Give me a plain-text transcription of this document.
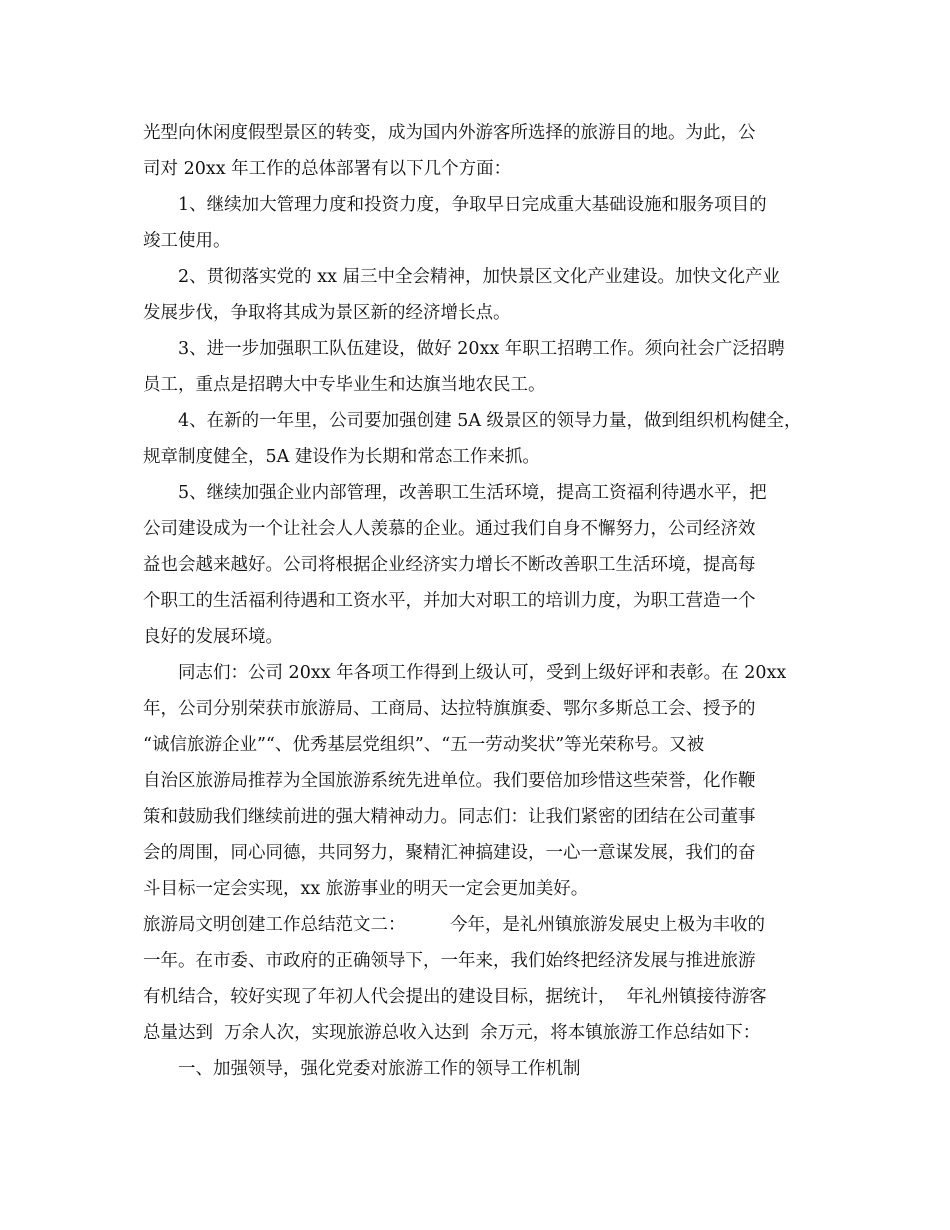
光型向休闲度假型景区的转变，成为国内外游客所选择的旅游目的地。为此，公

司对 20xx 年工作的总体部署有以下几个方面：

1、继续加大管理力度和投资力度，争取早日完成重大基础设施和服务项目的

竣工使用。

2、贯彻落实党的 xx 届三中全会精神，加快景区文化产业建设。加快文化产业

发展步伐，争取将其成为景区新的经济增长点。

3、进一步加强职工队伍建设，做好 20xx 年职工招聘工作。须向社会广泛招聘

员工，重点是招聘大中专毕业生和达旗当地农民工。

4、在新的一年里，公司要加强创建 5A 级景区的领导力量，做到组织机构健全，

规章制度健全，5A 建设作为长期和常态工作来抓。

5、继续加强企业内部管理，改善职工生活环境，提高工资福利待遇水平，把

公司建设成为一个让社会人人羡慕的企业。通过我们自身不懈努力，公司经济效

益也会越来越好。公司将根据企业经济实力增长不断改善职工生活环境，提高每

个职工的生活福利待遇和工资水平，并加大对职工的培训力度，为职工营造一个

良好的发展环境。

同志们：公司 20xx 年各项工作得到上级认可，受到上级好评和表彰。在 20xx

年，公司分别荣获市旅游局、工商局、达拉特旗旗委、鄂尔多斯总工会、授予的

“诚信旅游企业”“、优秀基层党组织”、“五一劳动奖状”等光荣称号。又被

自治区旅游局推荐为全国旅游系统先进单位。我们要倍加珍惜这些荣誉，化作鞭

策和鼓励我们继续前进的强大精神动力。同志们：让我们紧密的团结在公司董事

会的周围，同心同德，共同努力，聚精汇神搞建设，一心一意谋发展，我们的奋

斗目标一定会实现，xx 旅游事业的明天一定会更加美好。

旅游局文明创建工作总结范文二：        今年，是礼州镇旅游发展史上极为丰收的

一年。在市委、市政府的正确领导下，一年来，我们始终把经济发展与推进旅游

有机结合，较好实现了年初人代会提出的建设目标，据统计，  年礼州镇接待游客

总量达到  万余人次，实现旅游总收入达到  余万元，将本镇旅游工作总结如下：

一、加强领导，强化党委对旅游工作的领导工作机制
